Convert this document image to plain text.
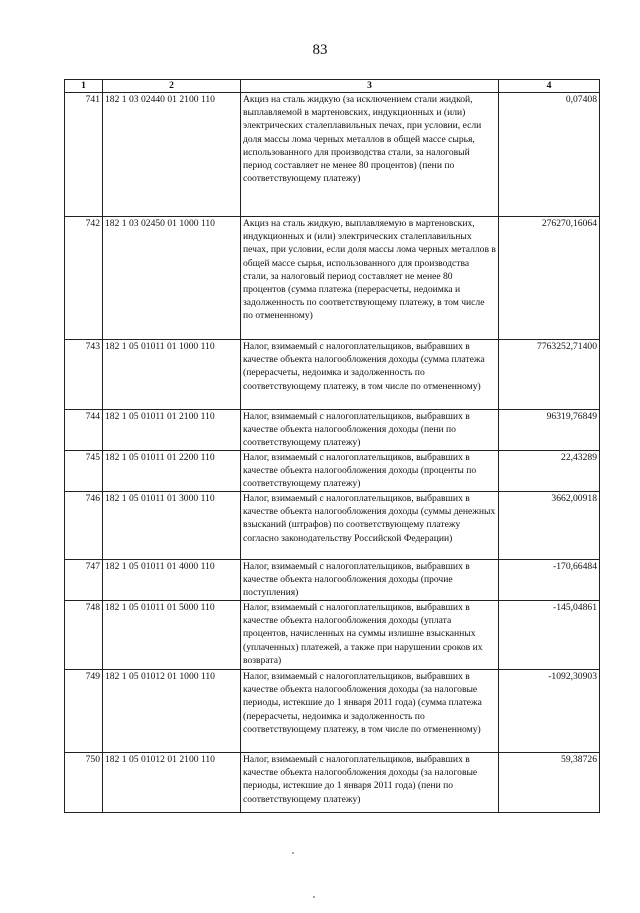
83
1	2	3	4
741	182 1 03 02440 01 2100 110	Акциз на сталь жидкую (за исключением стали жидкой, выплавляемой в мартеновских, индукционных и (или) электрических сталеплавильных печах, при условии, если доля массы лома черных металлов в общей массе сырья, использованного для производства стали, за налоговый период составляет не менее 80 процентов) (пени по соответствующему платежу)	0,07408
742	182 1 03 02450 01 1000 110	Акциз на сталь жидкую, выплавляемую в мартеновских, индукционных и (или) электрических сталеплавильных печах, при условии, если доля массы лома черных металлов в общей массе сырья, использованного для производства стали, за налоговый период составляет не менее 80 процентов (сумма платежа (перерасчеты, недоимка и задолженность по соответствующему платежу, в том числе по отмененному)	276270,16064
743	182 1 05 01011 01 1000 110	Налог, взимаемый с налогоплательщиков, выбравших в качестве объекта налогообложения доходы (сумма платежа (перерасчеты, недоимка и задолженность по соответствующему платежу, в том числе по отмененному)	7763252,71400
744	182 1 05 01011 01 2100 110	Налог, взимаемый с налогоплательщиков, выбравших в качестве объекта налогообложения доходы (пени по соответствующему платежу)	96319,76849
745	182 1 05 01011 01 2200 110	Налог, взимаемый с налогоплательщиков, выбравших в качестве объекта налогообложения доходы (проценты по соответствующему платежу)	22,43289
746	182 1 05 01011 01 3000 110	Налог, взимаемый с налогоплательщиков, выбравших в качестве объекта налогообложения доходы (суммы денежных взысканий (штрафов) по соответствующему платежу согласно законодательству Российской Федерации)	3662,00918
747	182 1 05 01011 01 4000 110	Налог, взимаемый с налогоплательщиков, выбравших в качестве объекта налогообложения доходы (прочие поступления)	-170,66484
748	182 1 05 01011 01 5000 110	Налог, взимаемый с налогоплательщиков, выбравших в качестве объекта налогообложения доходы (уплата процентов, начисленных на суммы излишне взысканных (уплаченных) платежей, а также при нарушении сроков их возврата)	-145,04861
749	182 1 05 01012 01 1000 110	Налог, взимаемый с налогоплательщиков, выбравших в качестве объекта налогообложения доходы (за налоговые периоды, истекшие до 1 января 2011 года) (сумма платежа (перерасчеты, недоимка и задолженность по соответствующему платежу, в том числе по отмененному)	-1092,30903
750	182 1 05 01012 01 2100 110	Налог, взимаемый с налогоплательщиков, выбравших в качестве объекта налогообложения доходы (за налоговые периоды, истекшие до 1 января 2011 года) (пени по соответствующему платежу)	59,38726
